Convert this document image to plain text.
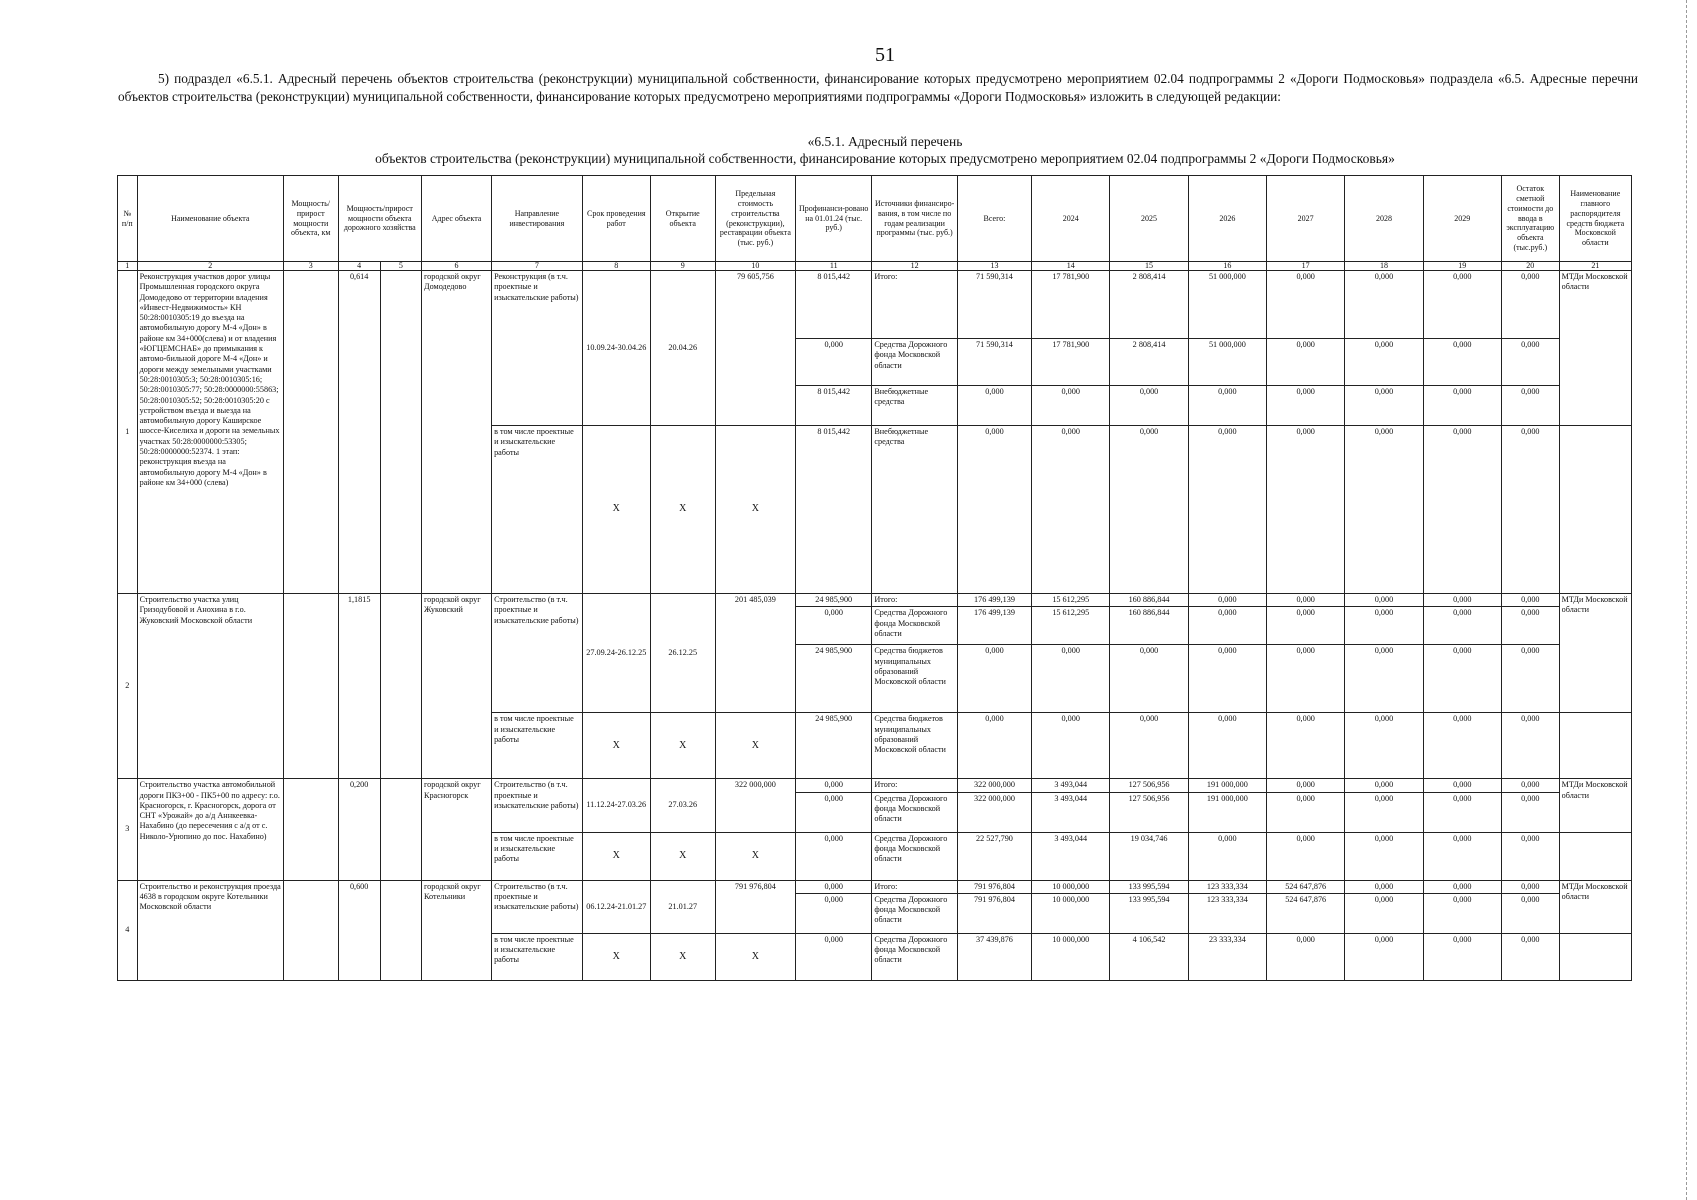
51
5) подраздел «6.5.1. Адресный перечень объектов строительства (реконструкции) муниципальной собственности, финансирование которых предусмотрено мероприятием 02.04 подпрограммы 2 «Дороги Подмосковья» подраздела «6.5. Адресные перечни объектов строительства (реконструкции) муниципальной собственности, финансирование которых предусмотрено мероприятиями подпрограммы «Дороги Подмосковья» изложить в следующей редакции:
«6.5.1. Адресный перечень
объектов строительства (реконструкции) муниципальной собственности, финансирование которых предусмотрено мероприятием 02.04 подпрограммы 2 «Дороги Подмосковья»
№ п/п	Наименование объекта	Мощность/ прирост мощности объекта, км	Мощность/прирост мощности объекта дорожного хозяйства		Адрес объекта	Направление инвестирования	Срок проведения работ	Открытие объекта	Предельная стоимость строительства (реконструкции), реставрации объекта (тыс. руб.)	Профинанси-ровано на 01.01.24 (тыс. руб.)	Источники финансиро-вания, в том числе по годам реализации программы (тыс. руб.)	Всего:	2024	2025	2026	2027	2028	2029	Остаток сметной стоимости до ввода в эксплуатацию объекта (тыс.руб.)	Наименование главного распорядителя средств бюджета Московской области
1	2	3	4	5	6	7	8	9	10	11	12	13	14	15	16	17	18	19	20	21
1	Реконструкция участков дорог улицы Промышленная городского округа Домодедово от территории владения «Инвест-Недвижимость» КН 50:28:0010305:19 до въезда на автомобильную дорогу М-4 «Дон» в районе км 34+000(слева) и от владения «ЮГЦЕМСНАБ» до примыкания к автомо-бильной дороге М-4 «Дон» и дороги между земельными участками 50:28:0010305:3; 50:28:0010305:16; 50:28:0010305:77; 50:28:0000000:55863; 50:28:0010305:52; 50:28:0010305:20 с устройством въезда и выезда на автомобильную дорогу Каширское шоссе-Киселиха и дороги на земельных участках 50:28:0000000:53305; 50:28:0000000:52374. 1 этап: реконструкция въезда на автомобильную дорогу М-4 «Дон» в районе км 34+000 (слева)		0,614		городской округ Домодедово	Реконструкция (в т.ч. проектные и изыскательские работы)	10.09.24-30.04.26	20.04.26	79 605,756	8 015,442	Итого:	71 590,314	17 781,900	2 808,414	51 000,000	0,000	0,000	0,000	0,000	МТДи Московской области
										0,000	Средства Дорожного фонда Московской области	71 590,314	17 781,900	2 808,414	51 000,000	0,000	0,000	0,000	0,000	
										8 015,442	Внебюджетные средства	0,000	0,000	0,000	0,000	0,000	0,000	0,000	0,000	
						в том числе проектные и изыскательские работы	X	X	X	8 015,442	Внебюджетные средства	0,000	0,000	0,000	0,000	0,000	0,000	0,000	0,000	
2	Строительство участка улиц Гризодубовой и Анохина в г.о. Жуковский Московской области		1,1815		городской округ Жуковский	Строительство (в т.ч. проектные и изыскательские работы)	27.09.24-26.12.25	26.12.25	201 485,039	24 985,900	Итого:	176 499,139	15 612,295	160 886,844	0,000	0,000	0,000	0,000	0,000	МТДи Московской области
										0,000	Средства Дорожного фонда Московской области	176 499,139	15 612,295	160 886,844	0,000	0,000	0,000	0,000	0,000	
										24 985,900	Средства бюджетов муниципальных образований Московской области	0,000	0,000	0,000	0,000	0,000	0,000	0,000	0,000	
						в том числе проектные и изыскательские работы	X	X	X	24 985,900	Средства бюджетов муниципальных образований Московской области	0,000	0,000	0,000	0,000	0,000	0,000	0,000	0,000	
3	Строительство участка автомобильной дороги ПК3+00 - ПК5+00 по адресу: г.о. Красногорск, г. Красногорск, дорога от СНТ «Урожай» до а/д Аннкеевка-Нахабино (до пересечения с а/д от с. Николо-Урюпино до пос. Нахабино)		0,200		городской округ Красногорск	Строительство (в т.ч. проектные и изыскательские работы)	11.12.24-27.03.26	27.03.26	322 000,000	0,000	Итого:	322 000,000	3 493,044	127 506,956	191 000,000	0,000	0,000	0,000	0,000	МТДи Московской области
										0,000	Средства Дорожного фонда Московской области	322 000,000	3 493,044	127 506,956	191 000,000	0,000	0,000	0,000	0,000	
						в том числе проектные и изыскательские работы	X	X	X	0,000	Средства Дорожного фонда Московской области	22 527,790	3 493,044	19 034,746	0,000	0,000	0,000	0,000	0,000	
4	Строительство и реконструкция проезда 4638 в городском округе Котельники Московской области		0,600		городской округ Котельники	Строительство (в т.ч. проектные и изыскательские работы)	06.12.24-21.01.27	21.01.27	791 976,804	0,000	Итого:	791 976,804	10 000,000	133 995,594	123 333,334	524 647,876	0,000	0,000	0,000	МТДи Московской области
										0,000	Средства Дорожного фонда Московской области	791 976,804	10 000,000	133 995,594	123 333,334	524 647,876	0,000	0,000	0,000	
						в том числе проектные и изыскательские работы	X	X	X	0,000	Средства Дорожного фонда Московской области	37 439,876	10 000,000	4 106,542	23 333,334	0,000	0,000	0,000	0,000	
